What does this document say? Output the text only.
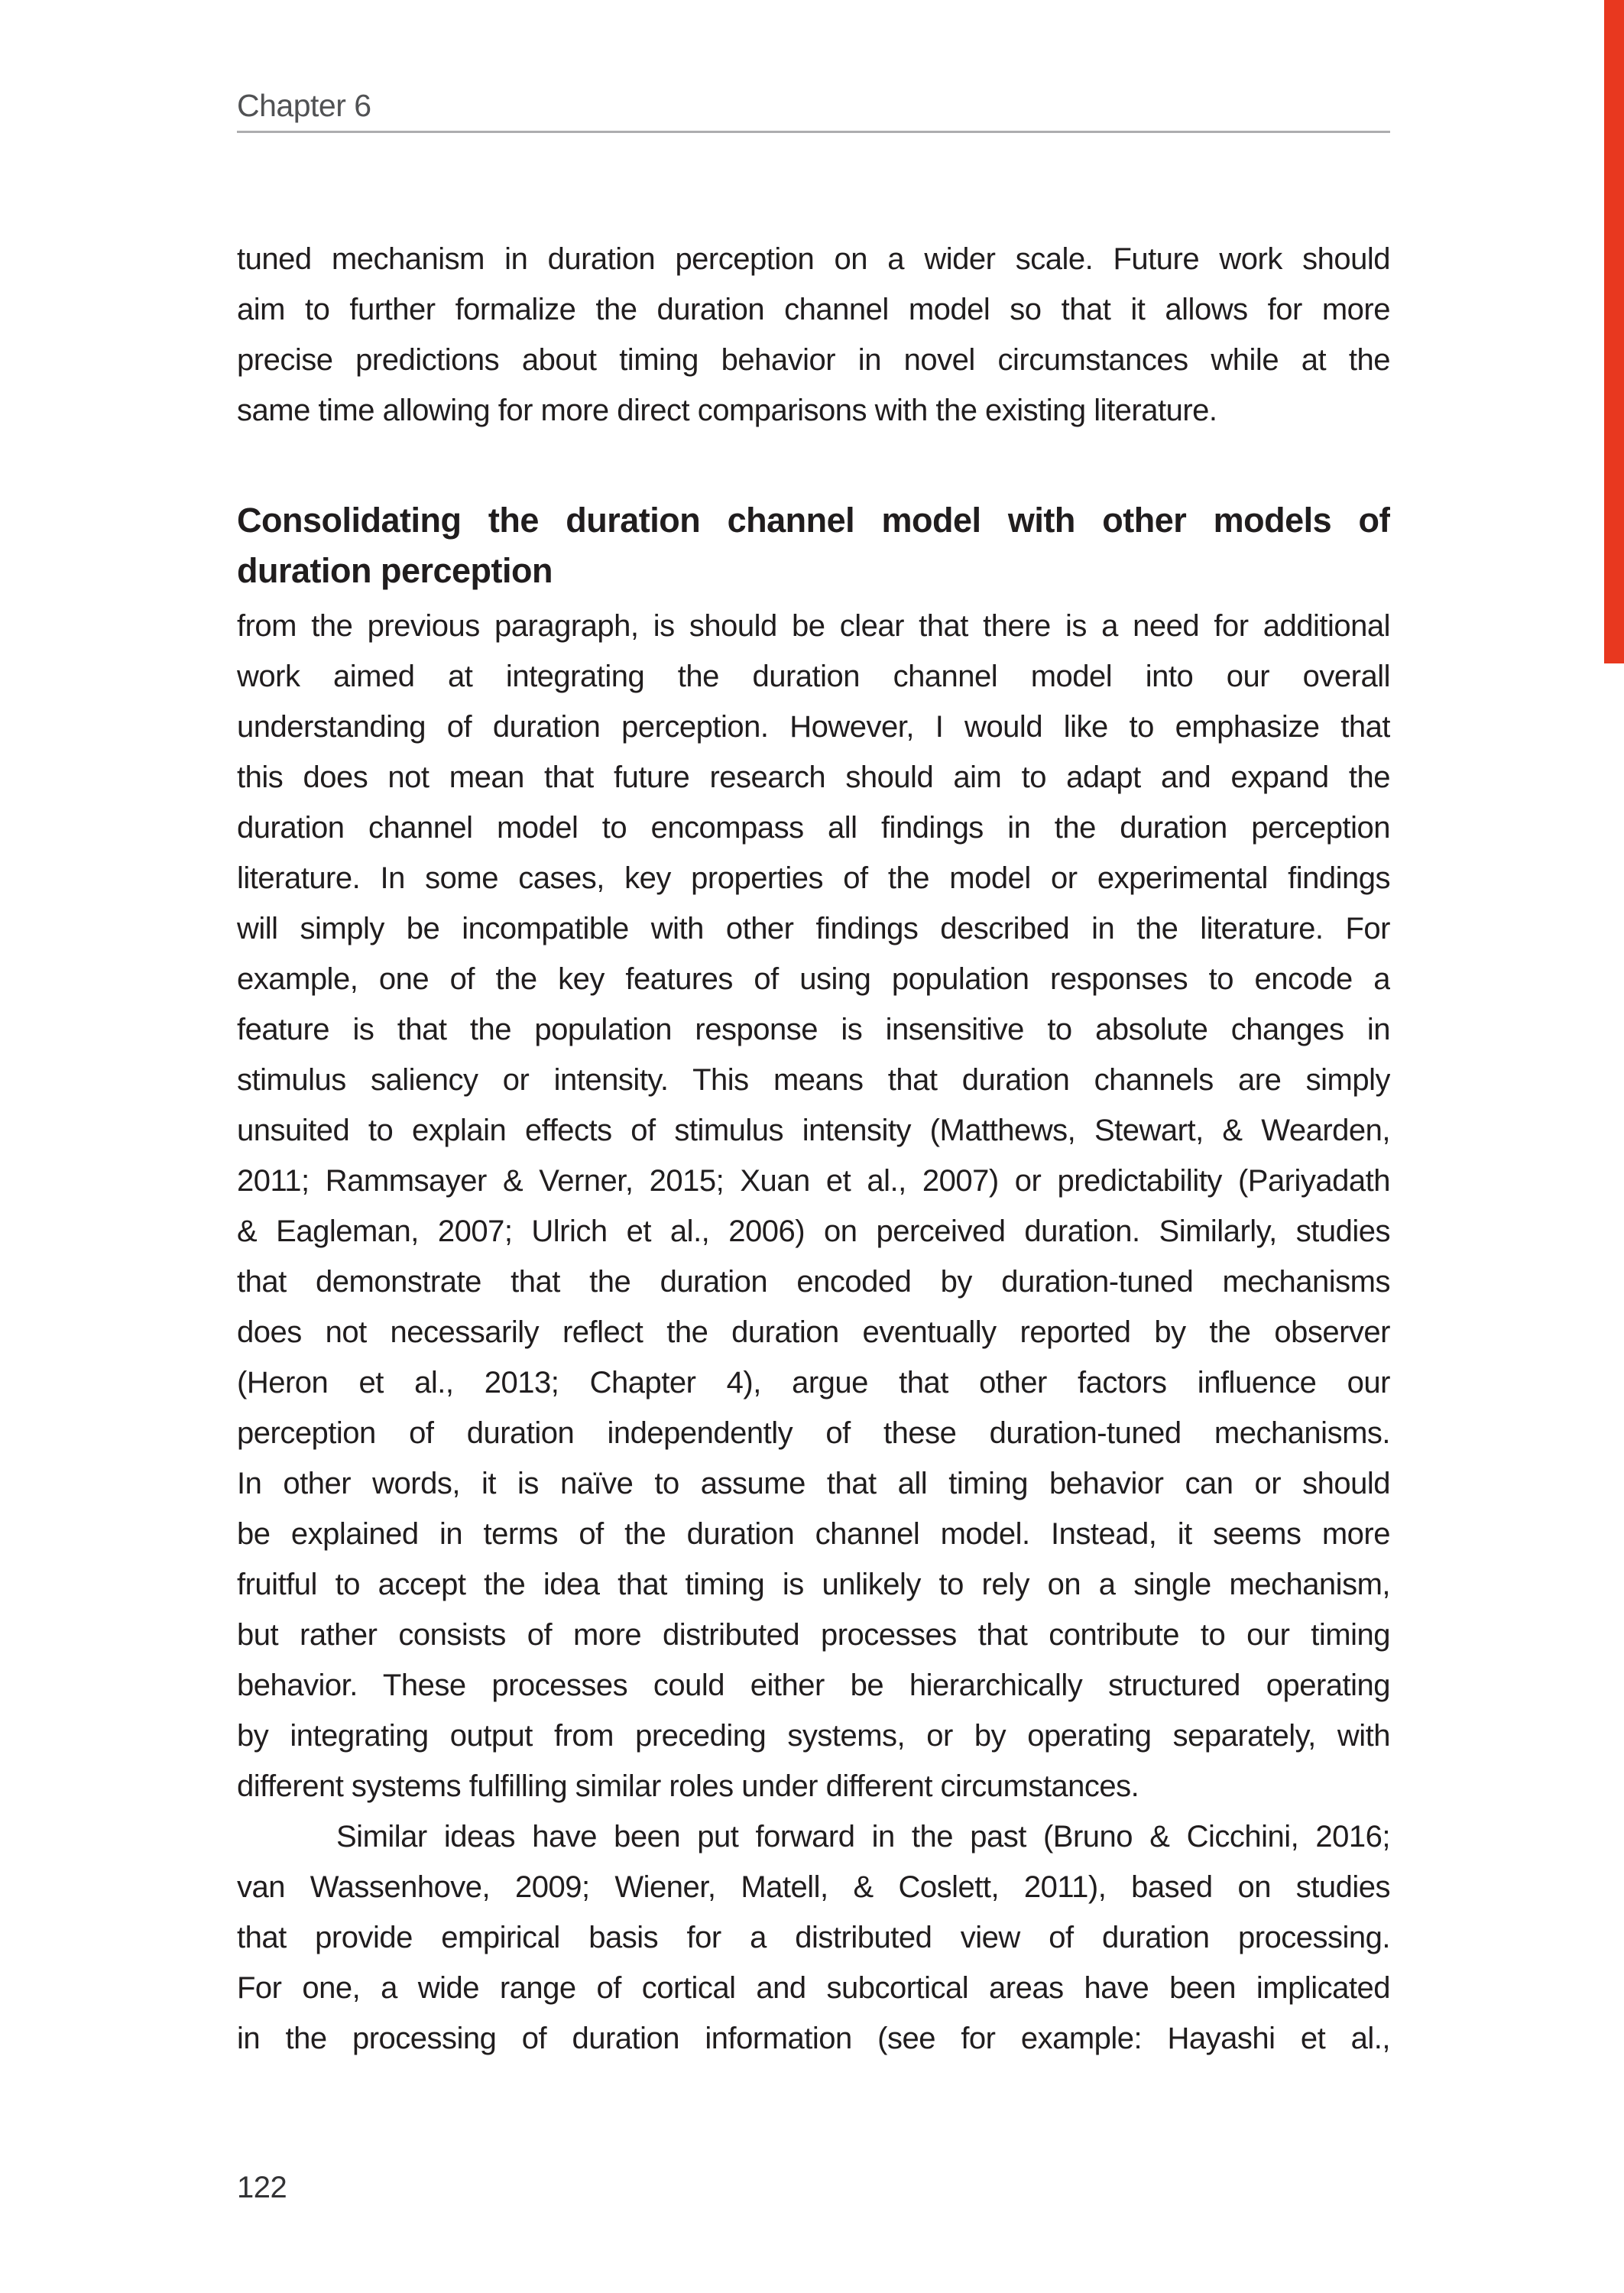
Chapter 6
tuned mechanism in duration perception on a wider scale. Future work should
aim to further formalize the duration channel model so that it allows for more
precise predictions about timing behavior in novel circumstances while at the
same time allowing for more direct comparisons with the existing literature.
Consolidating the duration channel model with other models of
duration perception
from the previous paragraph, is should be clear that there is a need for additional
work aimed at integrating the duration channel model into our overall
understanding of duration perception. However, I would like to emphasize that
this does not mean that future research should aim to adapt and expand the
duration channel model to encompass all findings in the duration perception
literature. In some cases, key properties of the model or experimental findings
will simply be incompatible with other findings described in the literature. For
example, one of the key features of using population responses to encode a
feature is that the population response is insensitive to absolute changes in
stimulus saliency or intensity. This means that duration channels are simply
unsuited to explain effects of stimulus intensity (Matthews, Stewart, & Wearden,
2011; Rammsayer & Verner, 2015; Xuan et al., 2007) or predictability (Pariyadath
& Eagleman, 2007; Ulrich et al., 2006) on perceived duration. Similarly, studies
that demonstrate that the duration encoded by duration-tuned mechanisms
does not necessarily reflect the duration eventually reported by the observer
(Heron et al., 2013; Chapter 4), argue that other factors influence our
perception of duration independently of these duration-tuned mechanisms.
In other words, it is naïve to assume that all timing behavior can or should
be explained in terms of the duration channel model. Instead, it seems more
fruitful to accept the idea that timing is unlikely to rely on a single mechanism,
but rather consists of more distributed processes that contribute to our timing
behavior. These processes could either be hierarchically structured operating
by integrating output from preceding systems, or by operating separately, with
different systems fulfilling similar roles under different circumstances.
Similar ideas have been put forward in the past (Bruno & Cicchini, 2016;
van Wassenhove, 2009; Wiener, Matell, & Coslett, 2011), based on studies
that provide empirical basis for a distributed view of duration processing.
For one, a wide range of cortical and subcortical areas have been implicated
in the processing of duration information (see for example: Hayashi et al.,
122
